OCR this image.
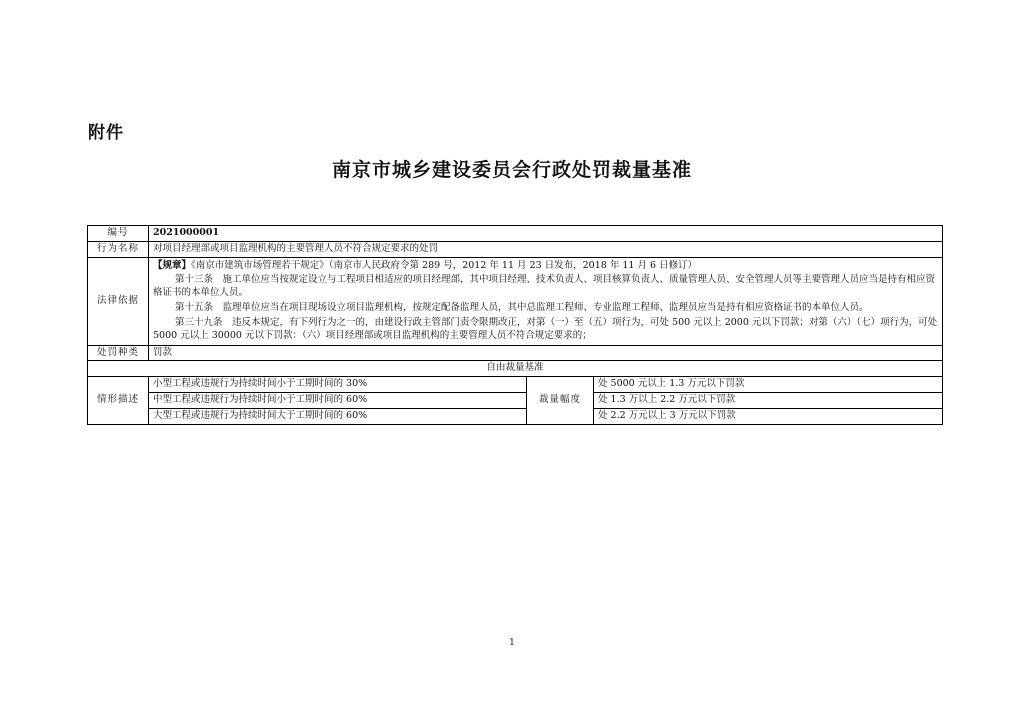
附件
南京市城乡建设委员会行政处罚裁量基准
编号	2021000001		
行为名称	对项目经理部或项目监理机构的主要管理人员不符合规定要求的处罚		
法律依据	【规章】《南京市建筑市场管理若干规定》（南京市人民政府令第 289 号，2012 年 11 月 23 日发布，2018 年 11 月 6 日修订）

第十三条　施工单位应当按规定设立与工程项目相适应的项目经理部，其中项目经理、技术负责人、项目核算负责人、质量管理人员、安全管理人员等主要管理人员应当是持有相应资格证书的本单位人员。

第十五条　监理单位应当在项目现场设立项目监理机构，按规定配备监理人员，其中总监理工程师、专业监理工程师、监理员应当是持有相应资格证书的本单位人员。

第三十九条　违反本规定，有下列行为之一的，由建设行政主管部门责令限期改正，对第（一）至（五）项行为，可处 500 元以上 2000 元以下罚款；对第（六）（七）项行为，可处 5000 元以上 30000 元以下罚款：（六）项目经理部或项目监理机构的主要管理人员不符合规定要求的；		

处罚种类	罚款		
自由裁量基准			
情形描述	小型工程或违规行为持续时间小于工期时间的 30%	裁量幅度	处 5000 元以上 1.3 万元以下罚款
	中型工程或违规行为持续时间小于工期时间的 60%		处 1.3 万以上 2.2 万元以下罚款
	大型工程或违规行为持续时间大于工期时间的 60%		处 2.2 万元以上 3 万元以下罚款
1
